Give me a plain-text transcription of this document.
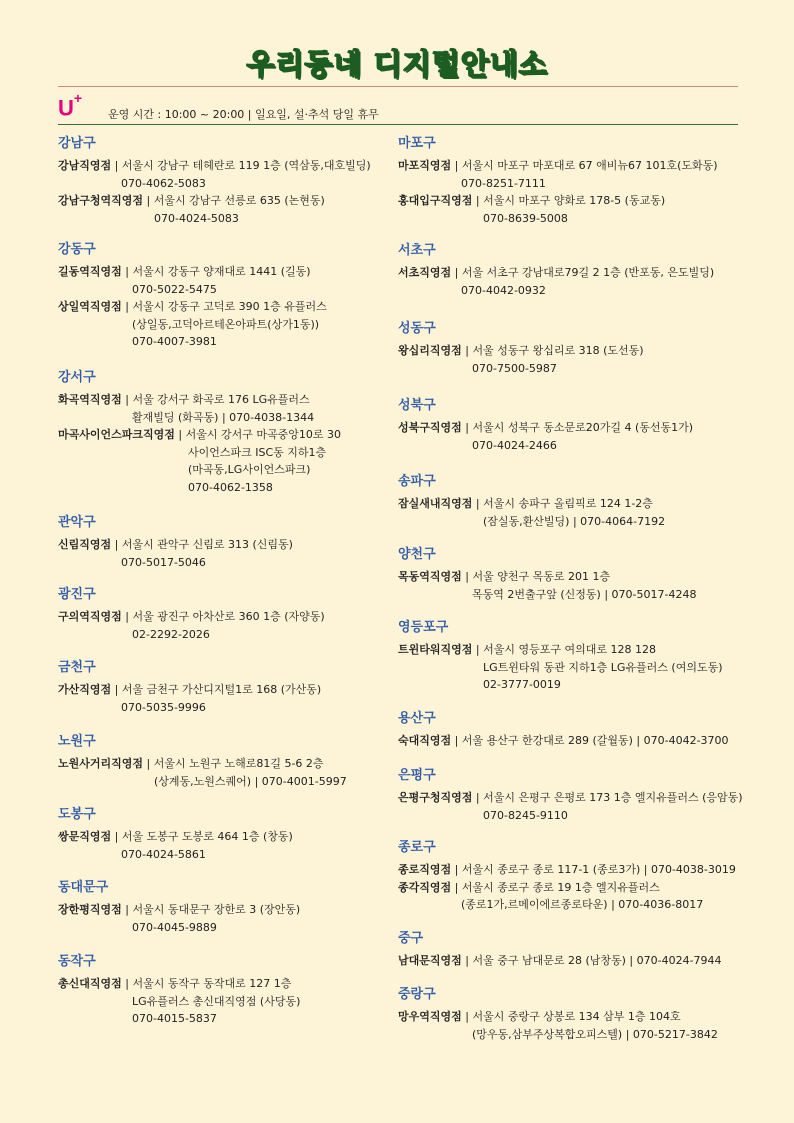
우리동네 디지털안내소
U+
운영 시간 : 10:00 ~ 20:00 | 일요일, 설·추석 당일 휴무
강남구
강남직영점 | 서울시 강남구 테헤란로 119 1층 (역삼동,대호빌딩)
070-4062-5083
강남구청역직영점 | 서울시 강남구 선릉로 635 (논현동)
070-4024-5083
강동구
길동역직영점 | 서울시 강동구 양재대로 1441 (길동)
070-5022-5475
상일역직영점 | 서울시 강동구 고덕로 390 1층 유플러스
(상일동,고덕아르테온아파트(상가1동))
070-4007-3981
강서구
화곡역직영점 | 서울 강서구 화곡로 176 LG유플러스
활재빌딩 (화곡동) | 070-4038-1344
마곡사이언스파크직영점 | 서울시 강서구 마곡중앙10로 30
사이언스파크 ISC동 지하1층
(마곡동,LG사이언스파크)
070-4062-1358
관악구
신림직영점 | 서울시 관악구 신림로 313 (신림동)
070-5017-5046
광진구
구의역직영점 | 서울 광진구 아차산로 360 1층 (자양동)
02-2292-2026
금천구
가산직영점 | 서울 금천구 가산디지털1로 168 (가산동)
070-5035-9996
노원구
노원사거리직영점 | 서울시 노원구 노해로81길 5-6 2층
(상계동,노원스퀘어) | 070-4001-5997
도봉구
쌍문직영점 | 서울 도봉구 도봉로 464 1층 (창동)
070-4024-5861
동대문구
장한평직영점 | 서울시 동대문구 장한로 3 (장안동)
070-4045-9889
동작구
총신대직영점 | 서울시 동작구 동작대로 127 1층
LG유플러스 총신대직영점 (사당동)
070-4015-5837
마포구
마포직영점 | 서울시 마포구 마포대로 67 애비뉴67 101호(도화동)
070-8251-7111
홍대입구직영점 | 서울시 마포구 양화로 178-5 (동교동)
070-8639-5008
서초구
서초직영점 | 서울 서초구 강남대로79길 2 1층 (반포동, 은도빌딩)
070-4042-0932
성동구
왕십리직영점 | 서울 성동구 왕십리로 318 (도선동)
070-7500-5987
성북구
성북구직영점 | 서울시 성북구 동소문로20가길 4 (동선동1가)
070-4024-2466
송파구
잠실새내직영점 | 서울시 송파구 올림픽로 124 1-2층
(잠실동,환산빌딩) | 070-4064-7192
양천구
목동역직영점 | 서울 양천구 목동로 201 1층
목동역 2번출구앞 (신정동) | 070-5017-4248
영등포구
트윈타워직영점 | 서울시 영등포구 여의대로 128 128
LG트윈타워 동관 지하1층 LG유플러스 (여의도동)
02-3777-0019
용산구
숙대직영점 | 서울 용산구 한강대로 289 (갈월동) | 070-4042-3700
은평구
은평구청직영점 | 서울시 은평구 은평로 173 1층 엘지유플러스 (응암동)
070-8245-9110
종로구
종로직영점 | 서울시 종로구 종로 117-1 (종로3가) | 070-4038-3019
종각직영점 | 서울시 종로구 종로 19 1층 엘지유플러스
(종로1가,르메이에르종로타운) | 070-4036-8017
중구
남대문직영점 | 서울 중구 남대문로 28 (남창동) | 070-4024-7944
중랑구
망우역직영점 | 서울시 중랑구 상봉로 134 삼부 1층 104호
(망우동,삼부주상복합오피스텔) | 070-5217-3842
